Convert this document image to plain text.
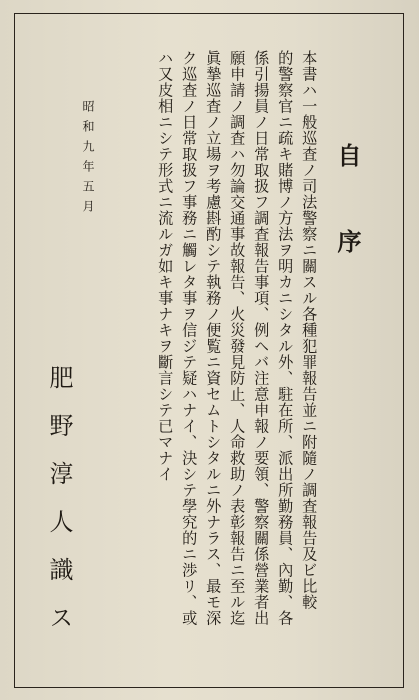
自序
本書ハ一般巡査ノ司法警察ニ關スル各種犯罪報告並ニ附隨ノ調査報告及ビ比較
的警察官ニ疏キ賭博ノ方法ヲ明カニシタル外、駐在所、派出所勤務員、內勤、各
係引揚員ノ日常取扱フ調査報告事項、例ヘバ注意申報ノ要領、警察關係營業者出
願申請ノ調査ハ勿論交通事故報告、火災發見防止、人命救助ノ表彰報告ニ至ル迄
眞摯巡査ノ立場ヲ考慮斟酌シテ執務ノ便覧ニ資セムトシタルニ外ナラス、最モ深
ク巡査ノ日常取扱フ事務ニ觸レタ事ヲ信ジテ疑ハナイ、決シテ學究的ニ渉リ、或
ハ又皮相ニシテ形式ニ流ルガ如キ事ナキヲ斷言シテ已マナイ
昭和九年五月
肥野淳人識ス
